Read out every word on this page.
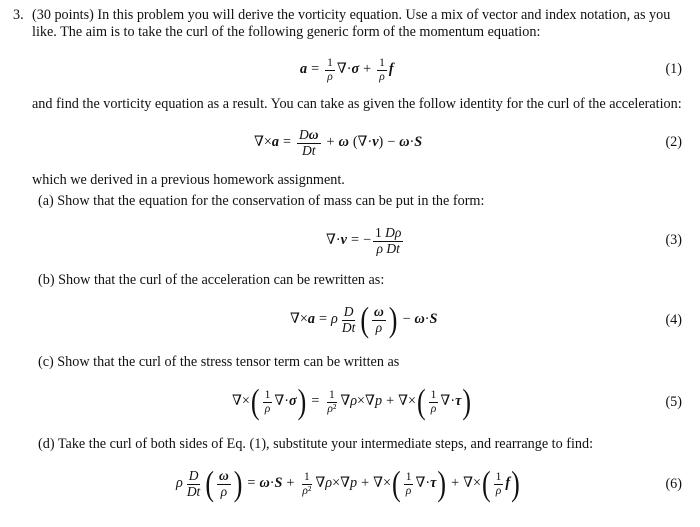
3. (30 points) In this problem you will derive the vorticity equation. Use a mix of vector and index notation, as you like. The aim is to take the curl of the following generic form of the momentum equation:
$a = \frac{1}{\rho}$ ∇· $\sigma + \frac{1}{\rho}$ f	(1)
and find the vorticity equation as a result. You can take as given the follow identity for the curl of the acceleration:
∇× $a = \frac{D\omega}{Dt} + \omega$ (∇· v ) − ω · S	(2)
which we derived in a previous homework assignment.
(a) Show that the equation for the conservation of mass can be put in the form:
∇· v = − $\frac{1 D\rho}{\text{ρ Dt}}$	(3)
(b) Show that the curl of the acceleration can be rewritten as:
∇× a = ρ $\frac{D}{Dt}$ ( $\frac{\omega}{\rho}$ ) − ω · S	(4)
(c) Show that the curl of the stress tensor term can be written as
∇× ( $\frac{1}{\rho}$ ∇· σ ) = $\frac{1}{\text{ρ²}}$ ∇ ρ ×∇ p + ∇× ( $\frac{1}{\rho}$ ∇· τ )	(5)
(d) Take the curl of both sides of Eq. (1), substitute your intermediate steps, and rearrange to find:
ρ $\frac{D}{Dt}$ ( $\frac{\omega}{\rho}$ ) = $\omega \cdot S + \frac{1}{\text{ρ²}}$ ∇ ρ ×∇ p + ∇× ( $\frac{1}{\rho}$ ∇· τ ) + ∇× ( $\frac{1}{\rho}$ f )	(6)
